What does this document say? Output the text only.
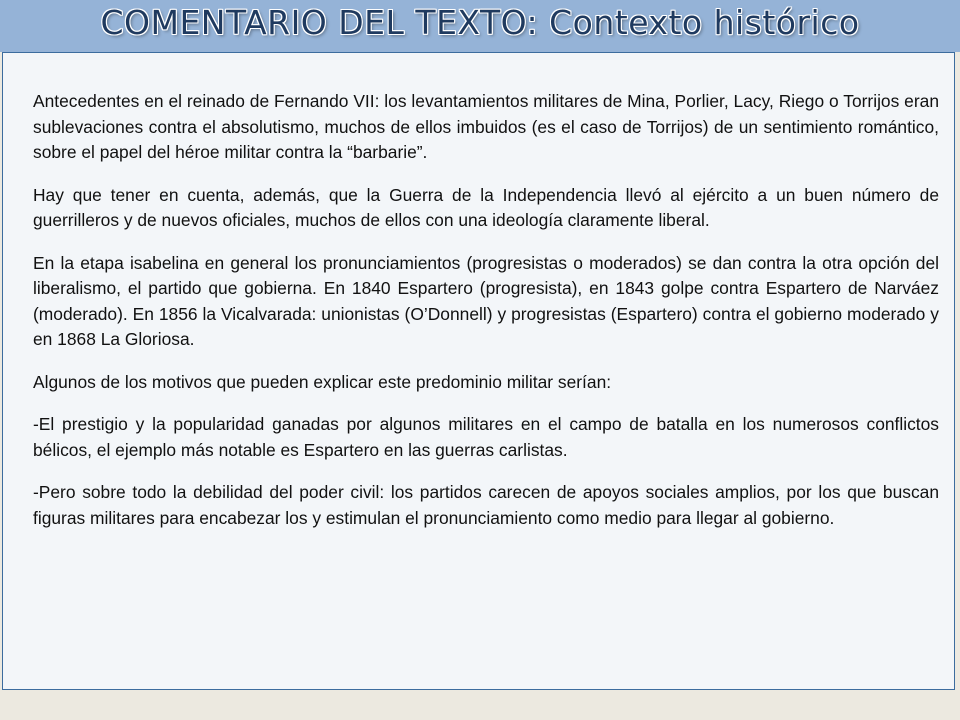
COMENTARIO DEL TEXTO: Contexto histórico

Antecedentes en el reinado de Fernando VII: los levantamientos militares de Mina, Porlier, Lacy, Riego o Torrijos eran sublevaciones contra el absolutismo, muchos de ellos imbuidos (es el caso de Torrijos) de un sentimiento romántico, sobre el papel del héroe militar contra la “barbarie”.

Hay que tener en cuenta, además, que la Guerra de la Independencia llevó al ejército a un buen número de guerrilleros y de nuevos oficiales, muchos de ellos con una ideología claramente liberal.

En la etapa isabelina en general los pronunciamientos (progresistas o moderados) se dan contra la otra opción del liberalismo, el partido que gobierna. En 1840 Espartero (progresista), en 1843 golpe contra Espartero de Narváez (moderado). En 1856 la Vicalvarada: unionistas (O’Donnell) y progresistas (Espartero) contra el gobierno moderado y en 1868 La Gloriosa.

Algunos de los motivos que pueden explicar este predominio militar serían:

-El prestigio y la popularidad ganadas por algunos militares en el campo de batalla en los numerosos conflictos bélicos, el ejemplo más notable es Espartero en las guerras carlistas.

-Pero sobre todo la debilidad del poder civil: los partidos carecen de apoyos sociales amplios, por los que buscan figuras militares para encabezar los y estimulan el pronunciamiento como medio para llegar al gobierno.
